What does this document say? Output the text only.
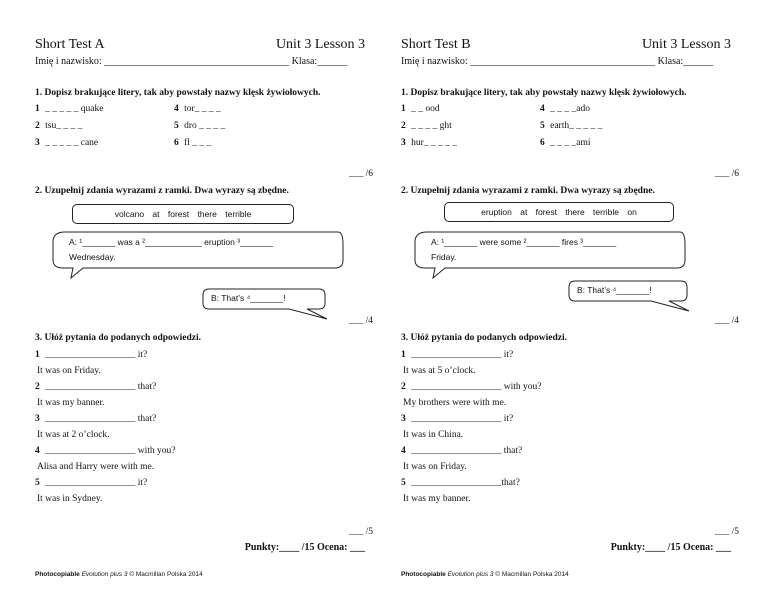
Short Test A	Unit 3 Lesson 3
Imię i nazwisko: _____________________________________ Klasa:______
1. Dopisz brakujące litery, tak aby powstały nazwy klęsk żywiołowych.
1 _ _ _ _ _ quake
2 tsu_ _ _ _
3 _ _ _ _ _ cane
4 tor_ _ _ _
5 dro _ _ _ _
6 fl _ _ _
___ /6
2. Uzupełnij zdania wyrazami z ramki. Dwa wyrazy są zbędne.
volcano at forest there terrible
A: ¹_______ was a ²____________ eruption ³_______
Wednesday.
B: That’s ⁴_______!
___ /4
3. Ułóż pytania do podanych odpowiedzi.
1 ___________________ it?
It was on Friday.
2 ___________________ that?
It was my banner.
3 ___________________ that?
It was at 2 o’clock.
4 ___________________ with you?
Alisa and Harry were with me.
5 ___________________ it?
It was in Sydney.
___ /5
Punkty:____ /15 Ocena: ___
Photocopiable Evolution plus 3 © Macmillan Polska 2014
Short Test B	Unit 3 Lesson 3
Imię i nazwisko: _____________________________________ Klasa:______
1. Dopisz brakujące litery, tak aby powstały nazwy klęsk żywiołowych.
1 _ _ ood
2 _ _ _ _ ght
3 hur_ _ _ _ _
4 _ _ _ _ado
5 earth_ _ _ _ _
6 _ _ _ _ami
___ /6
2. Uzupełnij zdania wyrazami z ramki. Dwa wyrazy są zbędne.
eruption at forest there terrible on
A: ¹_______ were some ²_______ fires ³_______
Friday.
B: That’s ⁴_______!
___ /4
3. Ułóż pytania do podanych odpowiedzi.
1 ___________________ it?
It was at 5 o’clock.
2 ___________________ with you?
My brothers were with me.
3 ___________________ it?
It was in China.
4 ___________________ that?
It was on Friday.
5 ___________________that?
It was my banner.
___ /5
Punkty:____ /15 Ocena: ___
Photocopiable Evolution plus 3 © Macmillan Polska 2014
